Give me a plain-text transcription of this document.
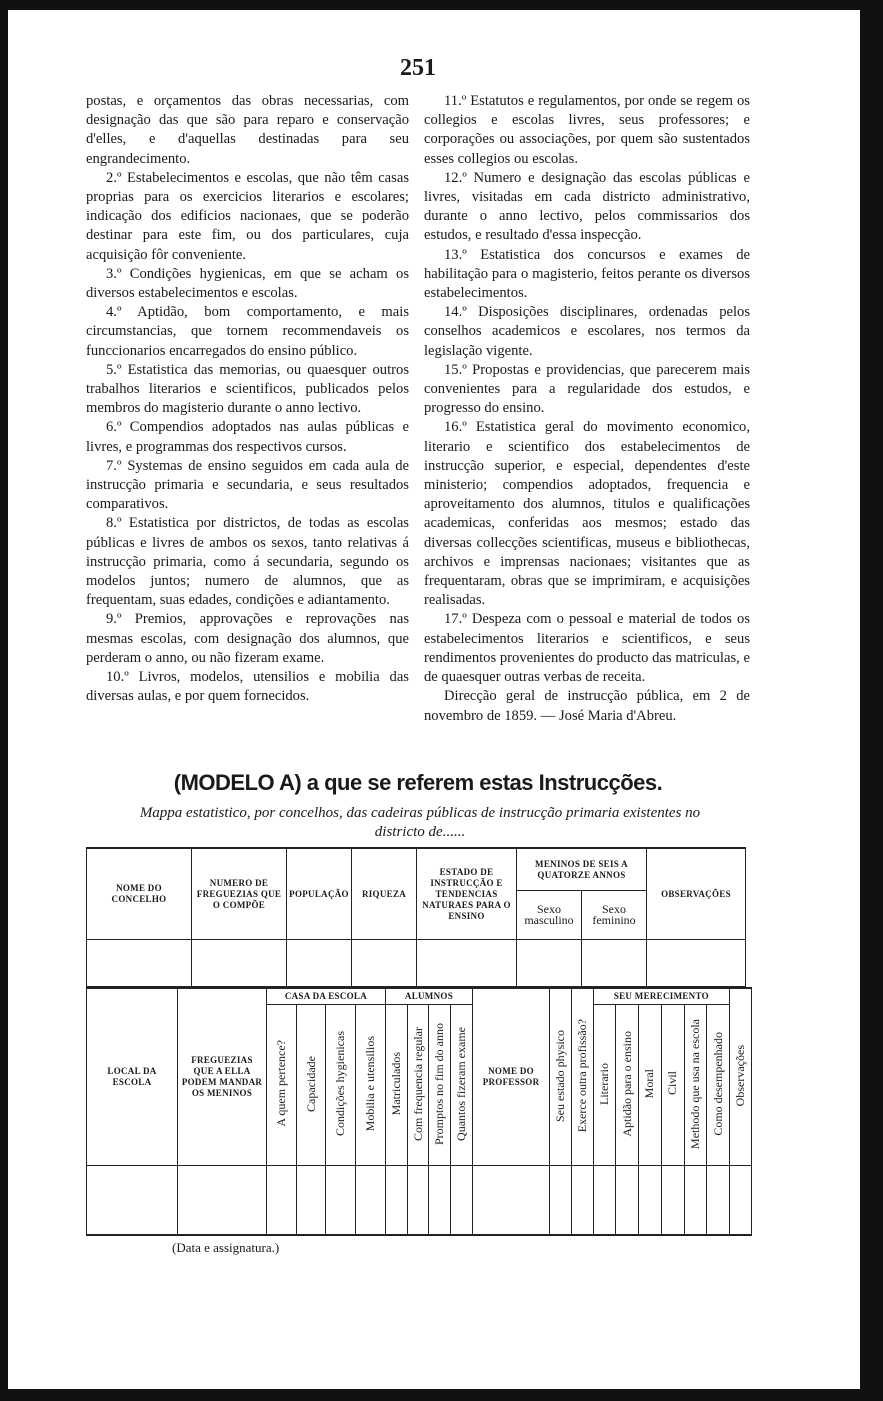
251

postas, e orçamentos das obras necessarias, com designação das que são para reparo e conservação d'elles, e d'aquellas destinadas para seu engrandecimento.

2.º Estabelecimentos e escolas, que não têm casas proprias para os exercicios literarios e escolares; indicação dos edificios nacionaes, que se poderão destinar para este fim, ou dos particulares, cuja acquisição fôr conveniente.

3.º Condições hygienicas, em que se acham os diversos estabelecimentos e escolas.

4.º Aptidão, bom comportamento, e mais circumstancias, que tornem recommendaveis os funccionarios encarregados do ensino público.

5.º Estatistica das memorias, ou quaesquer outros trabalhos literarios e scientificos, publicados pelos membros do magisterio durante o anno lectivo.

6.º Compendios adoptados nas aulas públicas e livres, e programmas dos respectivos cursos.

7.º Systemas de ensino seguidos em cada aula de instrucção primaria e secundaria, e seus resultados comparativos.

8.º Estatistica por districtos, de todas as escolas públicas e livres de ambos os sexos, tanto relativas á instrucção primaria, como á secundaria, segundo os modelos juntos; numero de alumnos, que as frequentam, suas edades, condições e adiantamento.

9.º Premios, approvações e reprovações nas mesmas escolas, com designação dos alumnos, que perderam o anno, ou não fizeram exame.

10.º Livros, modelos, utensilios e mobilia das diversas aulas, e por quem fornecidos.

11.º Estatutos e regulamentos, por onde se regem os collegios e escolas livres, seus professores; e corporações ou associações, por quem são sustentados esses collegios ou escolas.

12.º Numero e designação das escolas públicas e livres, visitadas em cada districto administrativo, durante o anno lectivo, pelos commissarios dos estudos, e resultado d'essa inspecção.

13.º Estatistica dos concursos e exames de habilitação para o magisterio, feitos perante os diversos estabelecimentos.

14.º Disposições disciplinares, ordenadas pelos conselhos academicos e escolares, nos termos da legislação vigente.

15.º Propostas e providencias, que parecerem mais convenientes para a regularidade dos estudos, e progresso do ensino.

16.º Estatistica geral do movimento economico, literario e scientifico dos estabelecimentos de instrucção superior, e especial, dependentes d'este ministerio; compendios adoptados, frequencia e aproveitamento dos alumnos, titulos e qualificações academicas, conferidas aos mesmos; estado das diversas collecções scientificas, museus e bibliothecas, archivos e imprensas nacionaes; visitantes que as frequentaram, obras que se imprimiram, e acquisições realisadas.

17.º Despeza com o pessoal e material de todos os estabelecimentos literarios e scientificos, e seus rendimentos provenientes do producto das matriculas, e de quaesquer outras verbas de receita.

Direcção geral de instrucção pública, em 2 de novembro de 1859. — José Maria d'Abreu.

(MODELO A) a que se referem estas Instrucções.
Mappa estatistico, por concelhos, das cadeiras públicas de instrucção primaria existentes no districto de......
NOME DO CONCELHO	NUMERO DE FREGUEZIAS QUE O COMPÕE	POPULAÇÃO	RIQUEZA	ESTADO DE INSTRUCÇÃO E TENDENCIAS NATURAES PARA O ENSINO	MENINOS DE SEIS A QUATORZE ANNOS		OBSERVAÇÕES
					Sexo masculino	Sexo feminino	

LOCAL DA ESCOLA	FREGUEZIAS QUE A ELLA PODEM MANDAR OS MENINOS	CASA DA ESCOLA				ALUMNOS				NOME DO PROFESSOR	Seu estado physico	Exerce outra profissão?	SEU MERECIMENTO						Observações
		A quem pertence?	Capacidade	Condições hygienicas	Mobilia e utensilios	Matriculados	Com frequencia regular	Promptos no fim do anno	Quantos fizeram exame				Literario	Aptidão para o ensino	Moral	Civil	Methodo que usa na escola	Como desempenhado	

(Data e assignatura.)
